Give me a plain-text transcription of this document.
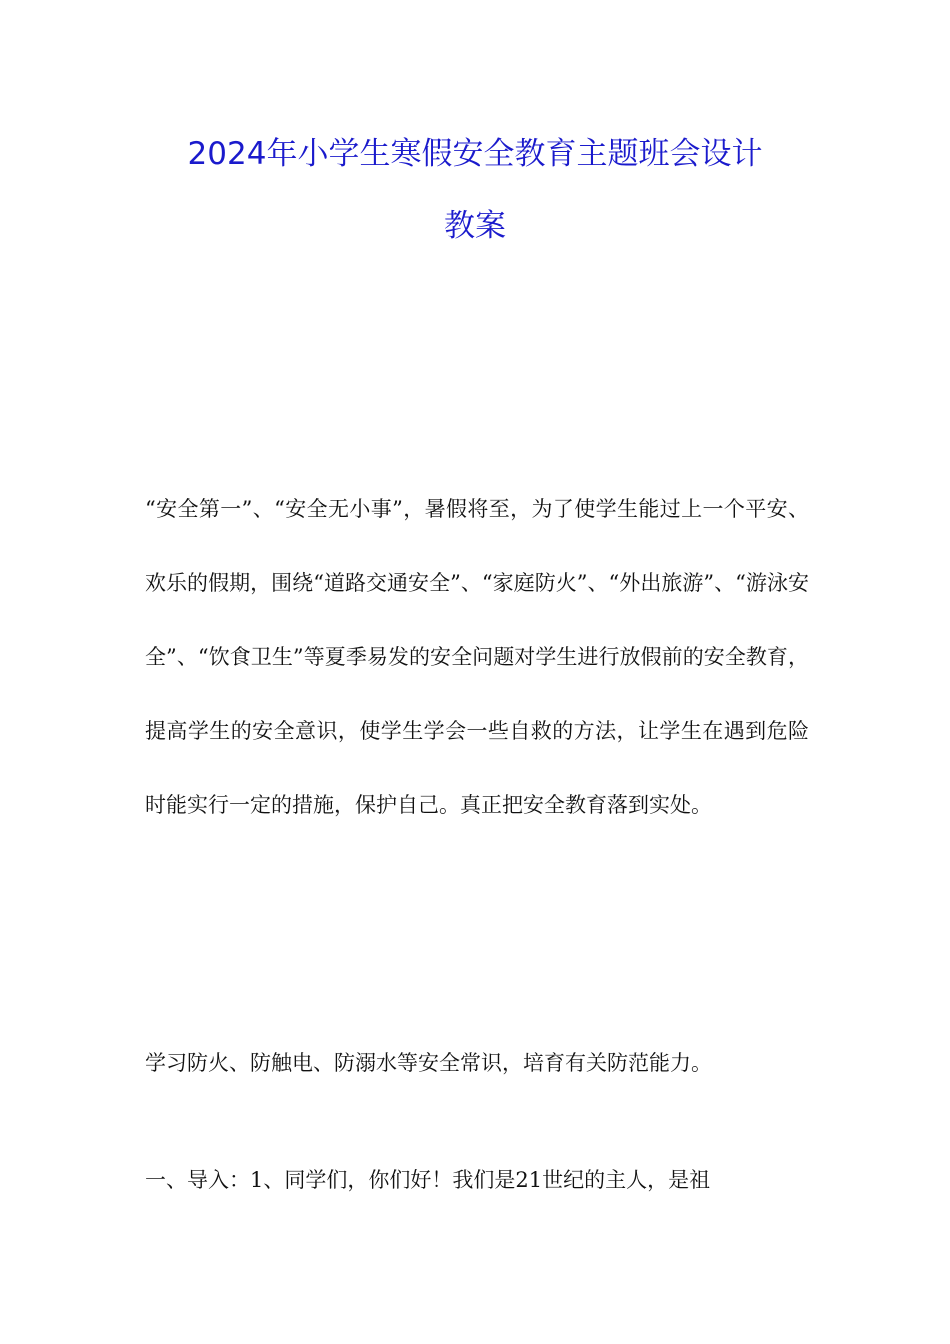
2024年小学生寒假安全教育主题班会设计
教案

“安全第一”、“安全无小事”，暑假将至，为了使学生能过上一个平安、欢乐的假期，围绕“道路交通安全”、“家庭防火”、“外出旅游”、“游泳安全”、“饮食卫生”等夏季易发的安全问题对学生进行放假前的安全教育，提高学生的安全意识，使学生学会一些自救的方法，让学生在遇到危险时能实行一定的措施，保护自己。真正把安全教育落到实处。

学习防火、防触电、防溺水等安全常识，培育有关防范能力。

一、导入：1、同学们，你们好！我们是21世纪的主人，是祖
